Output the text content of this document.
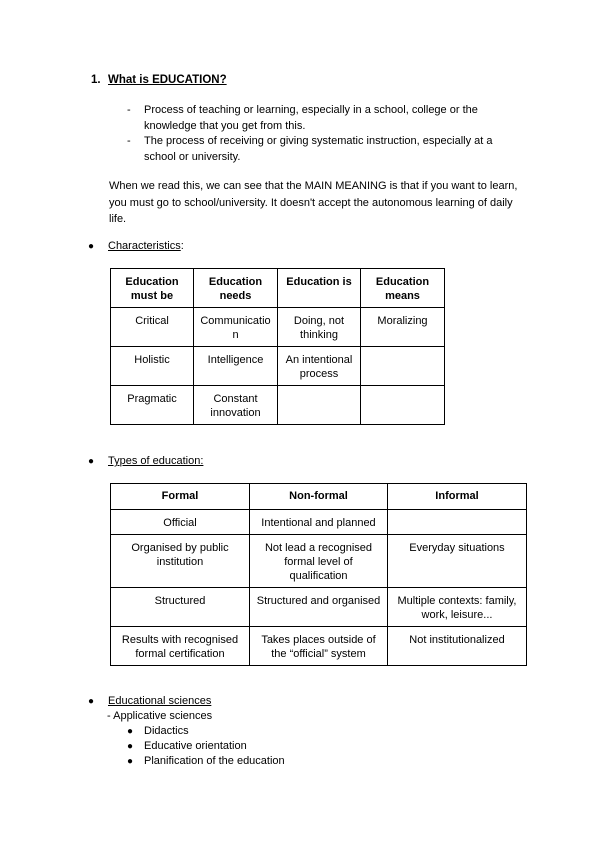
1. What is EDUCATION?
- Process of teaching or learning, especially in a school, college or the knowledge that you get from this.
- The process of receiving or giving systematic instruction, especially at a school or university.
When we read this, we can see that the MAIN MEANING is that if you want to learn, you must go to school/university. It doesn't accept the autonomous learning of daily life.
● Characteristics:
Education must be	Education needs	Education is	Education means
Critical	Communicatio n	Doing, not thinking	Moralizing
Holistic	Intelligence	An intentional process	
Pragmatic	Constant innovation		
● Types of education:
Formal	Non-formal	Informal
Official	Intentional and planned	
Organised by public institution	Not lead a recognised formal level of qualification	Everyday situations
Structured	Structured and organised	Multiple contexts: family, work, leisure...
Results with recognised formal certification	Takes places outside of the “official” system	Not institutionalized
● Educational sciences
- Applicative sciences
● Didactics
● Educative orientation
● Planification of the education
